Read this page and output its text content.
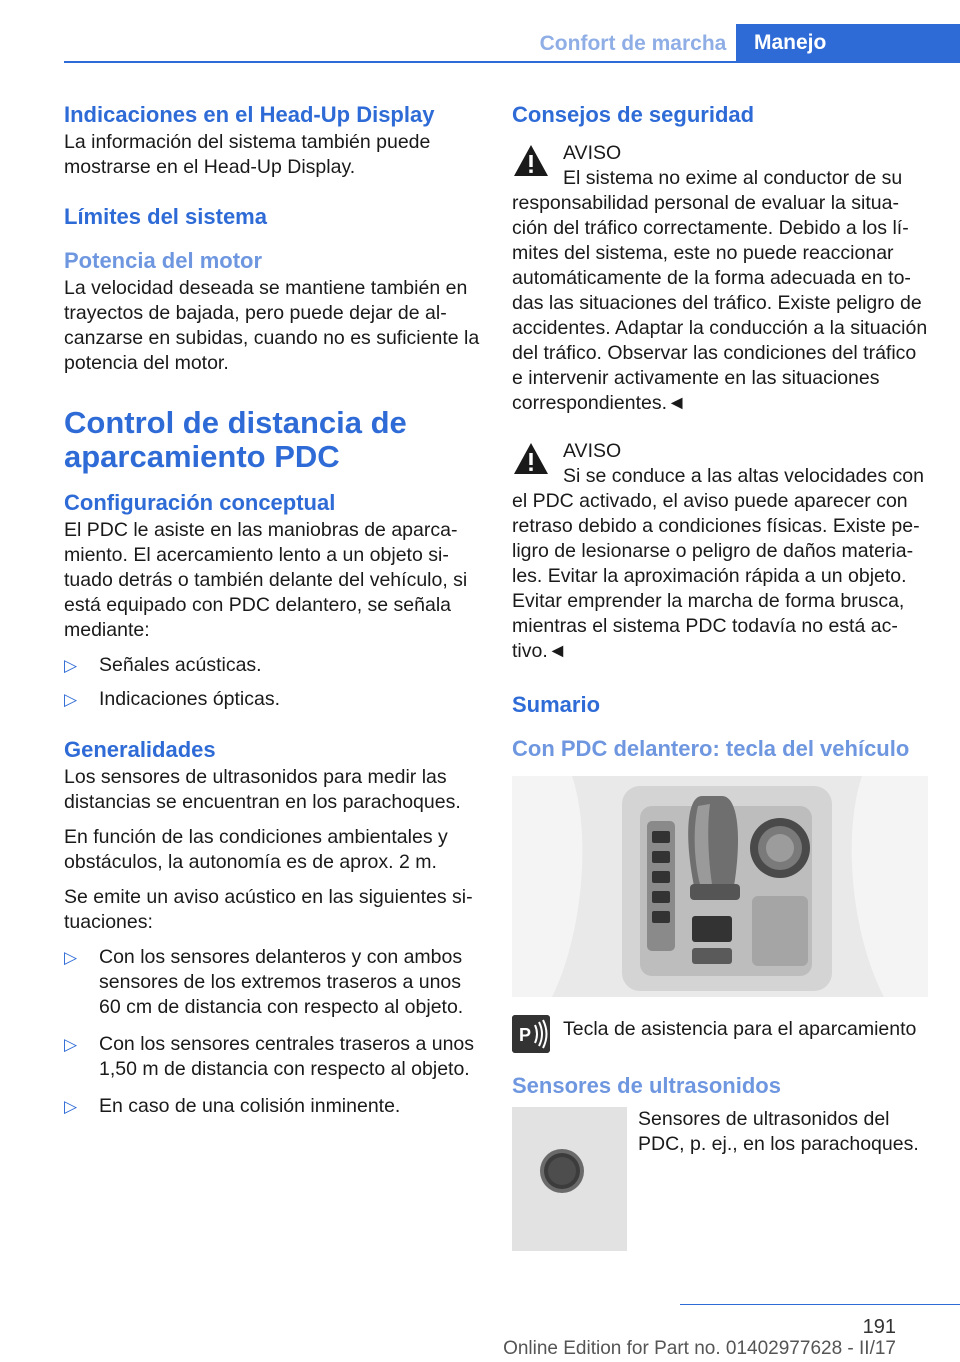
Confort de marcha	Manejo
Indicaciones en el Head-Up Display

La información del sistema también puede mostrarse en el Head-Up Display.

Límites del sistema
Potencia del motor

La velocidad deseada se mantiene también en trayectos de bajada, pero puede dejar de alcanzarse en subidas, cuando no es suficiente la potencia del motor.

Control de distancia de aparcamiento PDC
Configuración conceptual

El PDC le asiste en las maniobras de aparcamiento. El acercamiento lento a un objeto situado detrás o también delante del vehículo, si está equipado con PDC delantero, se señala mediante:

▷ Señales acústicas.
▷ Indicaciones ópticas.
Generalidades

Los sensores de ultrasonidos para medir las distancias se encuentran en los parachoques.

En función de las condiciones ambientales y obstáculos, la autonomía es de aprox. 2 m.

Se emite un aviso acústico en las siguientes situaciones:

▷ Con los sensores delanteros y con ambos sensores de los extremos traseros a unos 60 cm de distancia con respecto al objeto.
▷ Con los sensores centrales traseros a unos 1,50 m de distancia con respecto al objeto.
▷ En caso de una colisión inminente.
Consejos de seguridad
AVISO

El sistema no exime al conductor de su responsabilidad personal de evaluar la situación del tráfico correctamente. Debido a los límites del sistema, este no puede reaccionar automáticamente de la forma adecuada en todas las situaciones del tráfico. Existe peligro de accidentes. Adaptar la conducción a la situación del tráfico. Observar las condiciones del tráfico e intervenir activamente en las situaciones correspondientes.◄

AVISO

Si se conduce a las altas velocidades con el PDC activado, el aviso puede aparecer con retraso debido a condiciones físicas. Existe peligro de lesionarse o peligro de daños materiales. Evitar la aproximación rápida a un objeto. Evitar emprender la marcha de forma brusca, mientras el sistema PDC todavía no está activo.◄

Sumario
Con PDC delantero: tecla del vehículo
P	Tecla de asistencia para el aparcamiento

Sensores de ultrasonidos

Sensores de ultrasonidos del PDC, p. ej., en los parachoques.

191
Online Edition for Part no. 01402977628 - II/17
